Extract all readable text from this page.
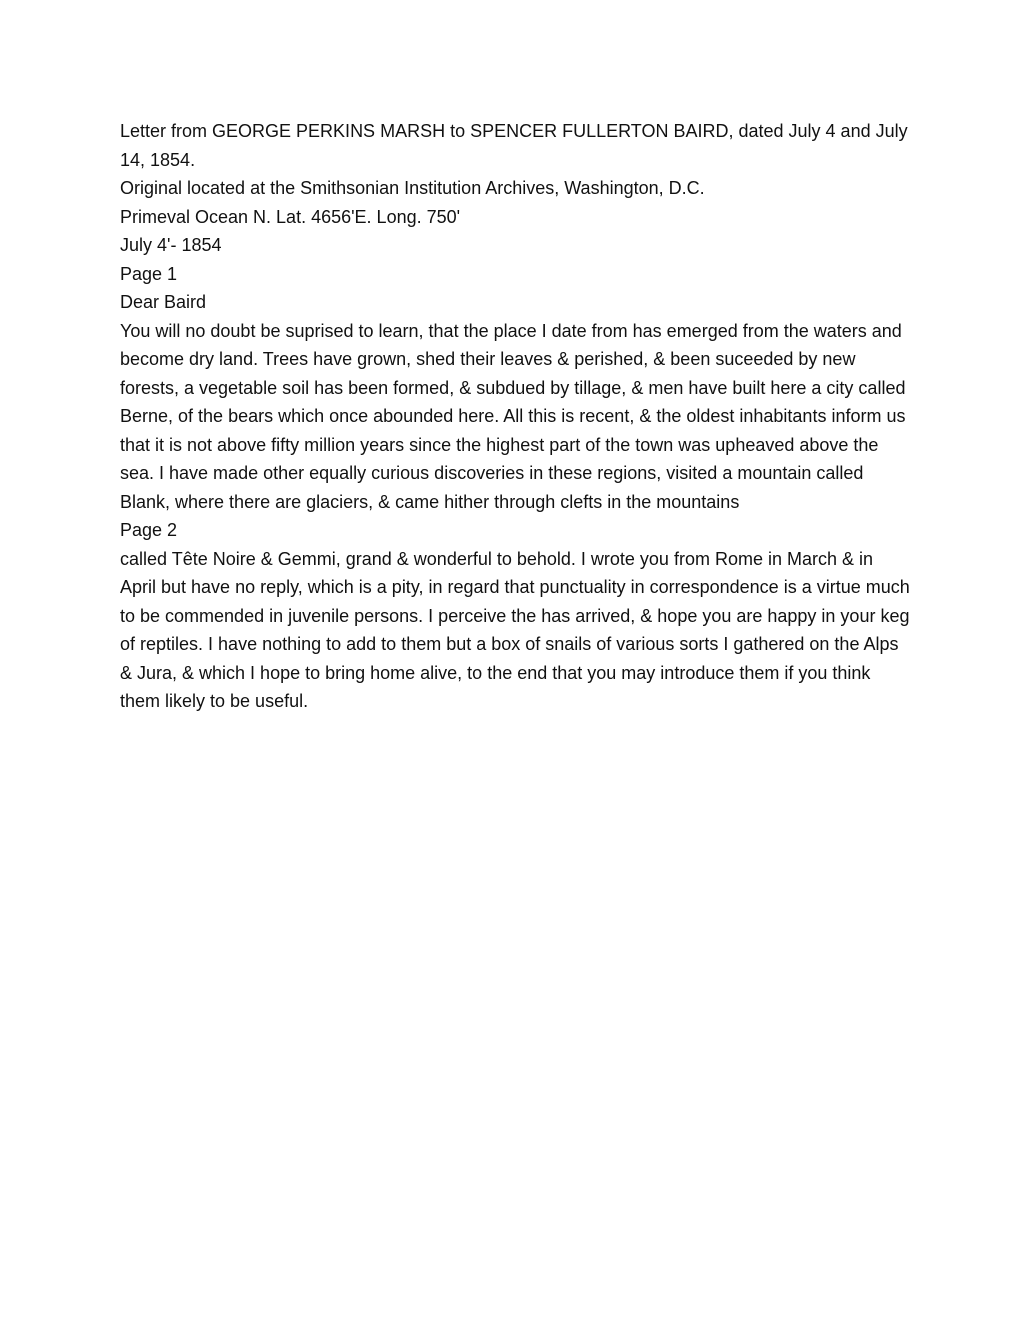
Letter from GEORGE PERKINS MARSH to SPENCER FULLERTON BAIRD, dated July 4 and July 14, 1854.

Original located at the Smithsonian Institution Archives, Washington, D.C.

Primeval Ocean N. Lat. 4656'E. Long. 750'

July 4'- 1854

Page 1

Dear Baird

You will no doubt be suprised to learn, that the place I date from has emerged from the waters and become dry land. Trees have grown, shed their leaves & perished, & been suceeded by new forests, a vegetable soil has been formed, & subdued by tillage, & men have built here a city called Berne, of the bears which once abounded here. All this is recent, & the oldest inhabitants inform us that it is not above fifty million years since the highest part of the town was upheaved above the sea. I have made other equally curious discoveries in these regions, visited a mountain called Blank, where there are glaciers, & came hither through clefts in the mountains

Page 2

called Tête Noire & Gemmi, grand & wonderful to behold. I wrote you from Rome in March & in April but have no reply, which is a pity, in regard that punctuality in correspondence is a virtue much to be commended in juvenile persons. I perceive the has arrived, & hope you are happy in your keg of reptiles. I have nothing to add to them but a box of snails of various sorts I gathered on the Alps & Jura, & which I hope to bring home alive, to the end that you may introduce them if you think them likely to be useful.
